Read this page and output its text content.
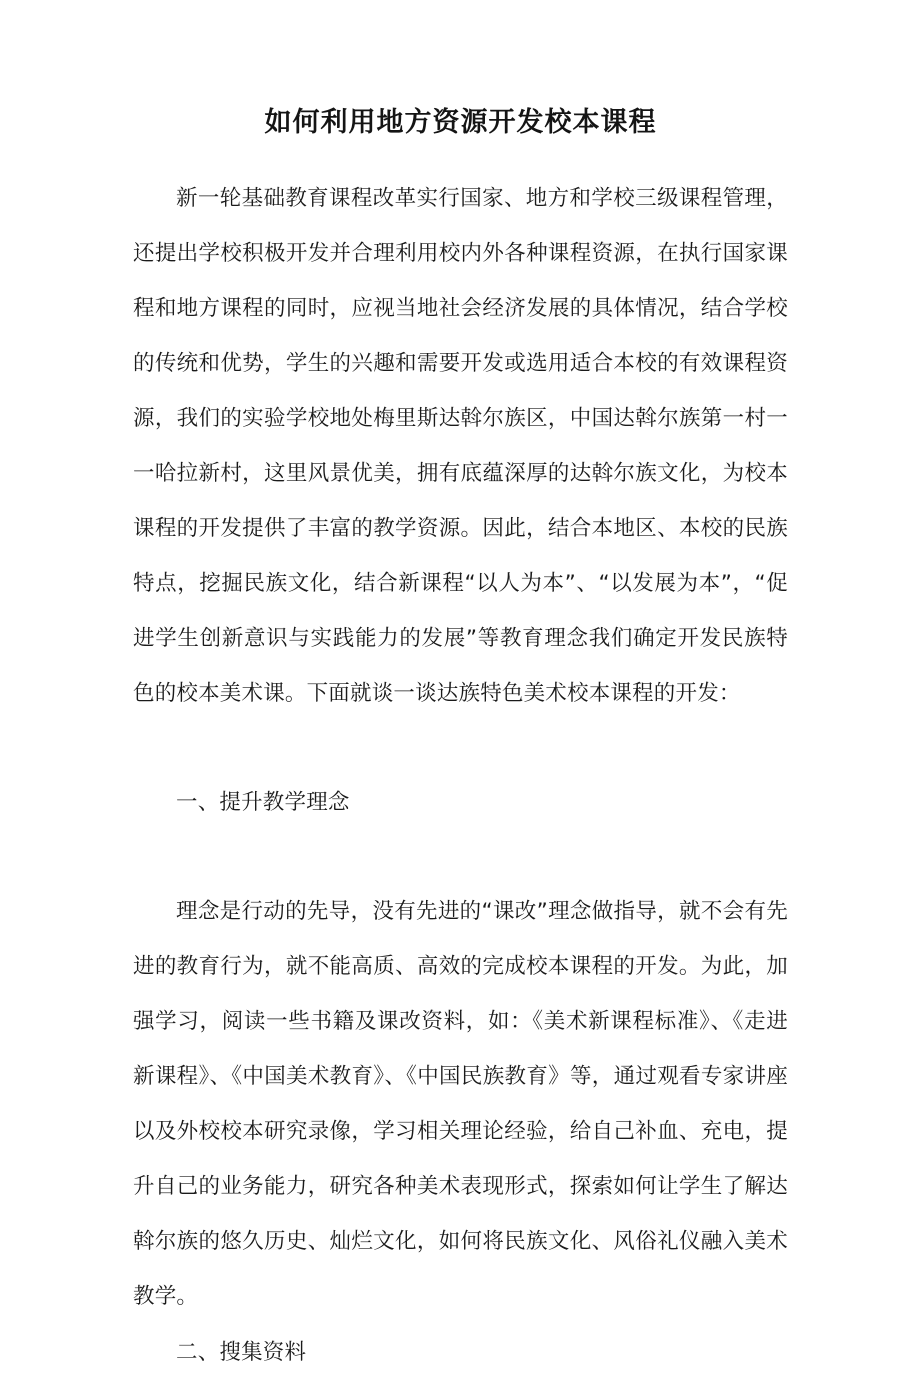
如何利用地方资源开发校本课程

新一轮基础教育课程改革实行国家、地方和学校三级课程管理，还提出学校积极开发并合理利用校内外各种课程资源，在执行国家课程和地方课程的同时，应视当地社会经济发展的具体情况，结合学校的传统和优势，学生的兴趣和需要开发或选用适合本校的有效课程资源，我们的实验学校地处梅里斯达斡尔族区，中国达斡尔族第一村一一哈拉新村，这里风景优美，拥有底蕴深厚的达斡尔族文化，为校本课程的开发提供了丰富的教学资源。因此，结合本地区、本校的民族特点，挖掘民族文化，结合新课程“以人为本”、“以发展为本”，“促进学生创新意识与实践能力的发展”等教育理念我们确定开发民族特色的校本美术课。下面就谈一谈达族特色美术校本课程的开发：

一、提升教学理念

理念是行动的先导，没有先进的“课改”理念做指导，就不会有先进的教育行为，就不能高质、高效的完成校本课程的开发。为此，加强学习，阅读一些书籍及课改资料，如：《美术新课程标准》、《走进新课程》、《中国美术教育》、《中国民族教育》等，通过观看专家讲座以及外校校本研究录像，学习相关理论经验，给自己补血、充电，提升自己的业务能力，研究各种美术表现形式，探索如何让学生了解达斡尔族的悠久历史、灿烂文化，如何将民族文化、风俗礼仪融入美术教学。

二、搜集资料
